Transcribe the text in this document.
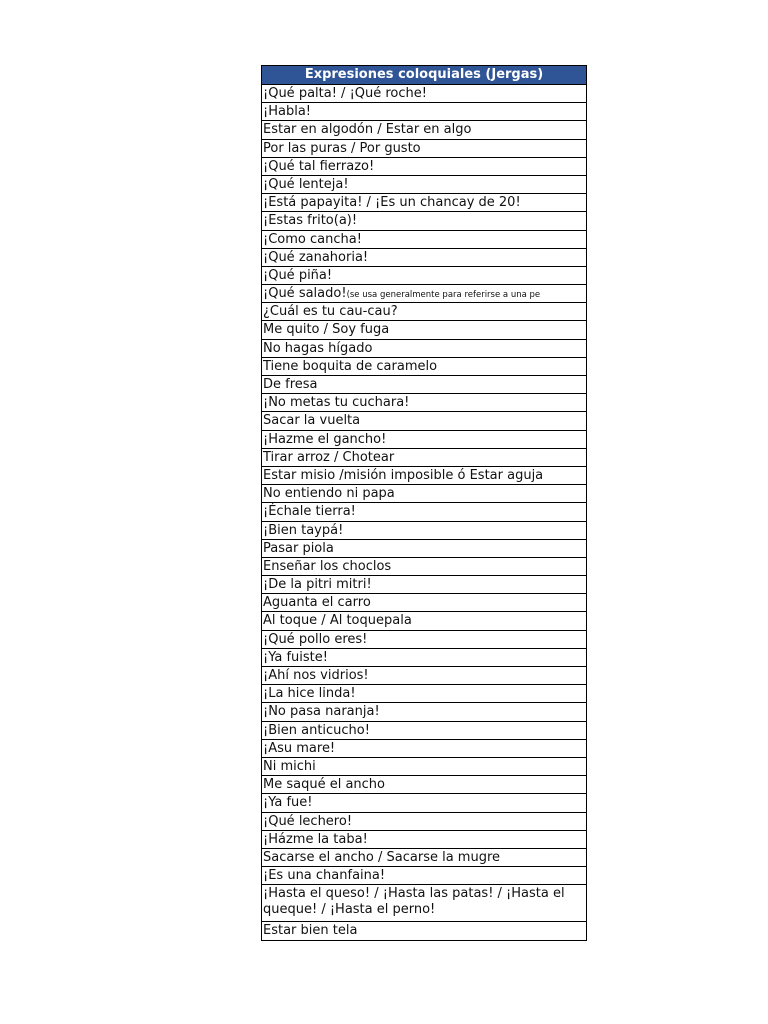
Expresiones coloquiales (Jergas)
¡Qué palta! / ¡Qué roche!
¡Habla!
Estar en algodón / Estar en algo
Por las puras / Por gusto
¡Qué tal fierrazo!
¡Qué lenteja!
¡Está papayita! / ¡Es un chancay de 20!
¡Estas frito(a)!
¡Como cancha!
¡Qué zanahoria!
¡Qué piña!
¡Qué salado!(se usa generalmente para referirse a una pe
¿Cuál es tu cau-cau?
Me quito / Soy fuga
No hagas hígado
Tiene boquita de caramelo
De fresa
¡No metas tu cuchara!
Sacar la vuelta
¡Hazme el gancho!
Tirar arroz / Chotear
Estar misio /misión imposible ó Estar aguja
No entiendo ni papa
¡Échale tierra!
¡Bien taypá!
Pasar piola
Enseñar los choclos
¡De la pitri mitri!
Aguanta el carro
Al toque / Al toquepala
¡Qué pollo eres!
¡Ya fuiste!
¡Ahí nos vidrios!
¡La hice linda!
¡No pasa naranja!
¡Bien anticucho!
¡Asu mare!
Ni michi
Me saqué el ancho
¡Ya fue!
¡Qué lechero!
¡Házme la taba!
Sacarse el ancho / Sacarse la mugre
¡Es una chanfaina!
¡Hasta el queso! / ¡Hasta las patas! / ¡Hasta el queque! / ¡Hasta el perno!
Estar bien tela
